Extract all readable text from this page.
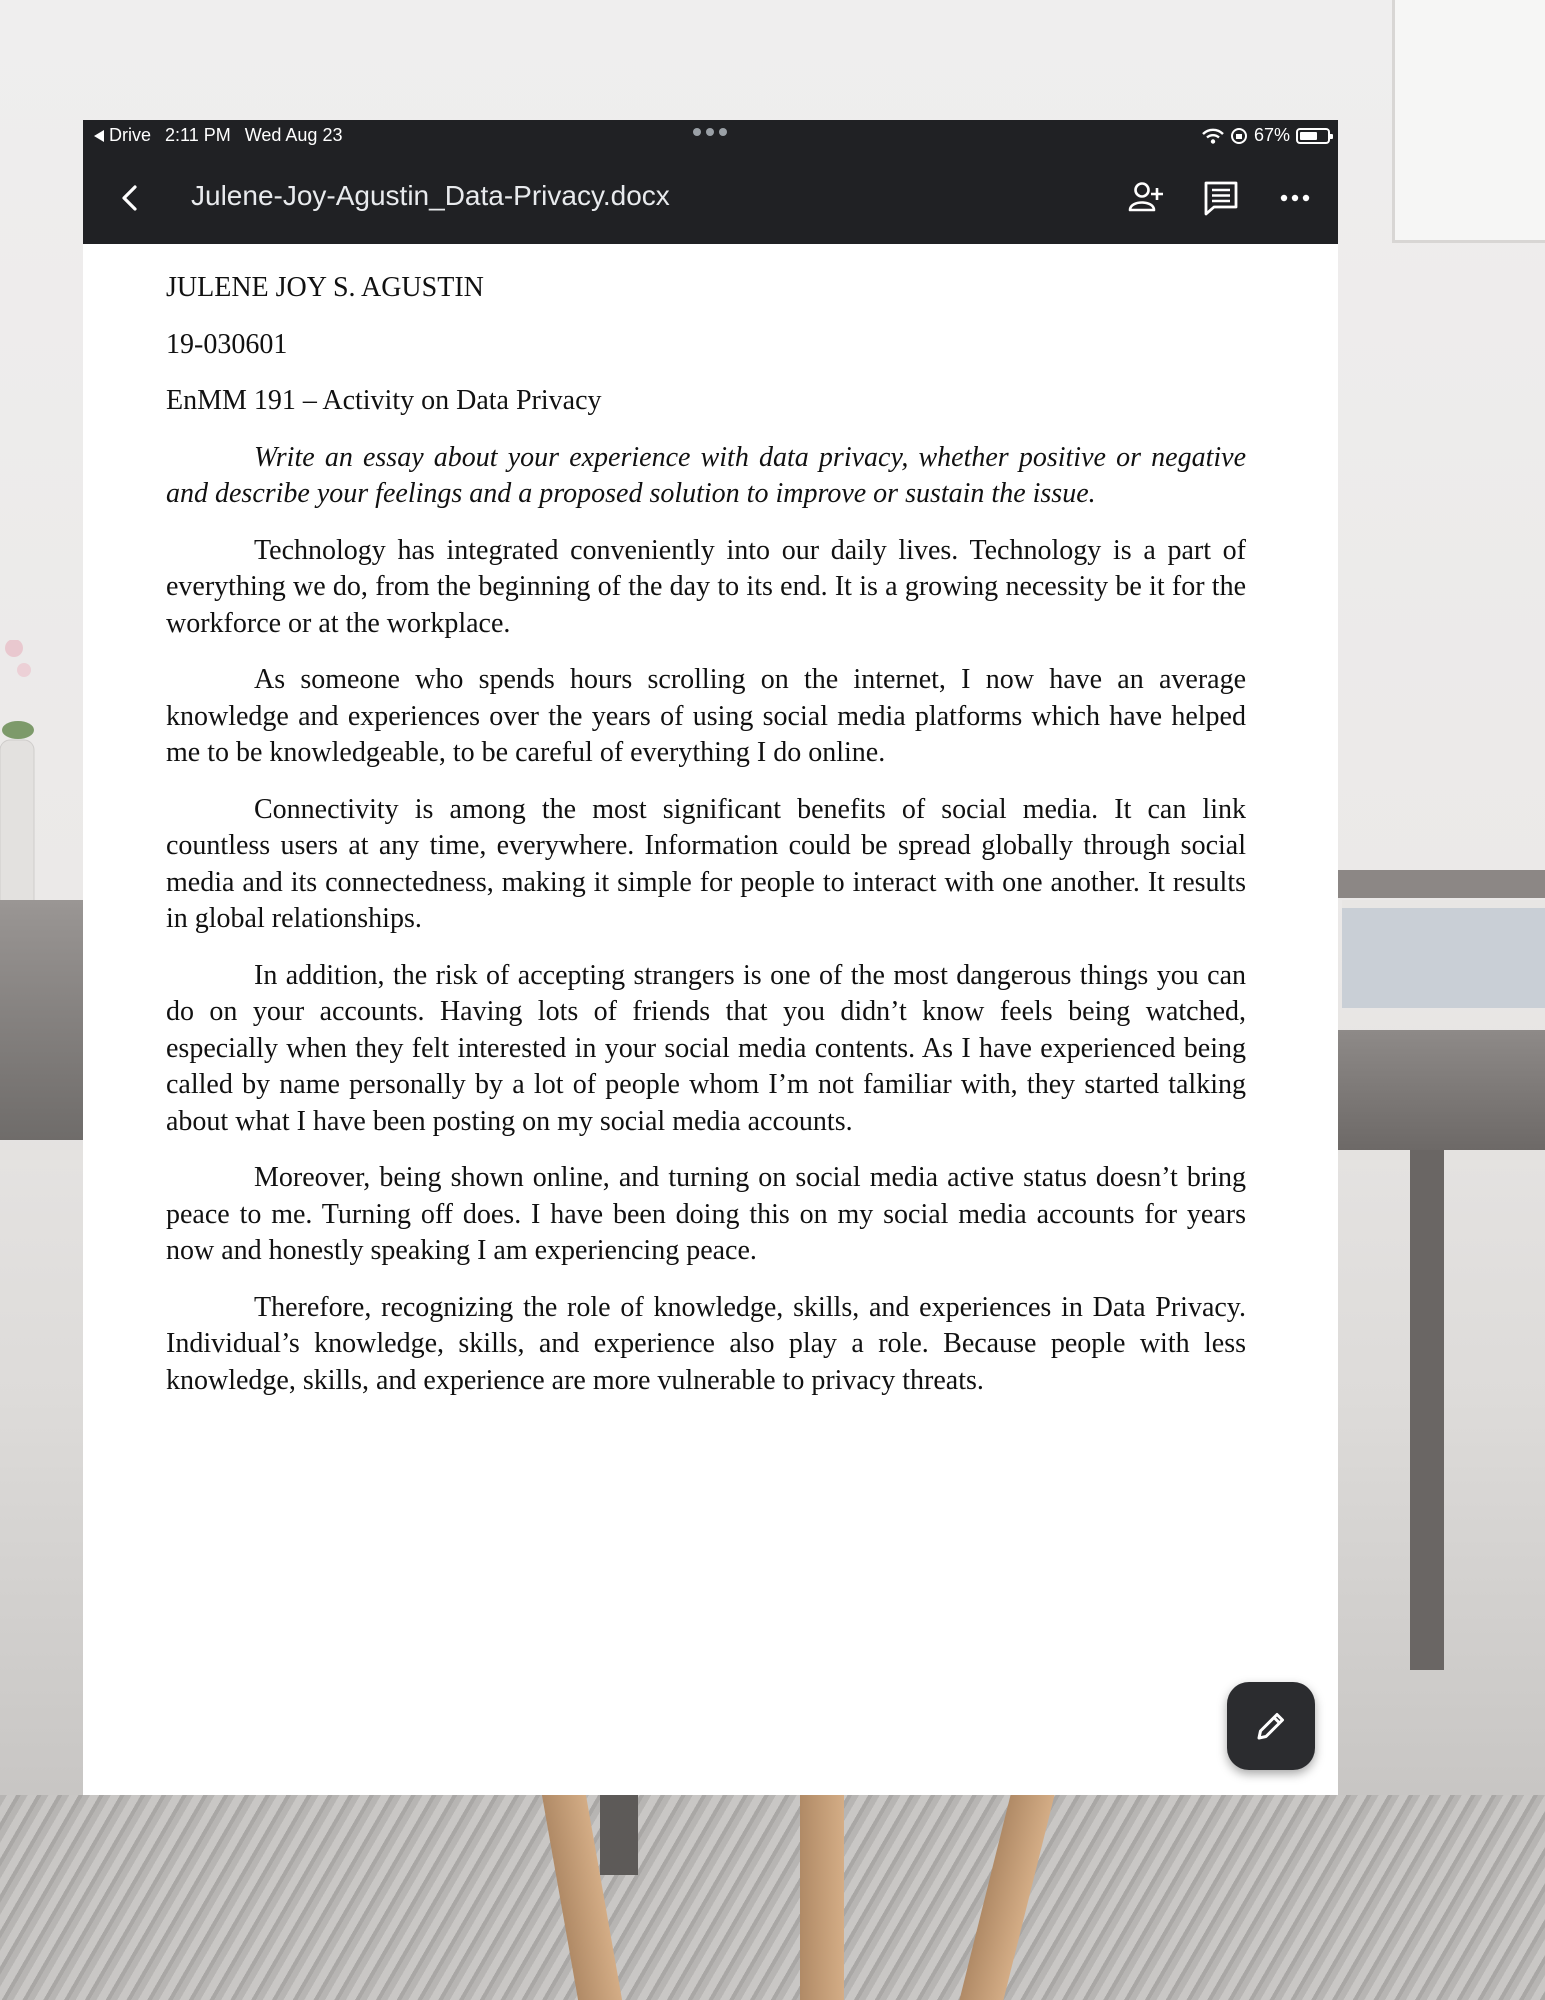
Drive 2:11 PM Wed Aug 23	67%
Julene-Joy-Agustin_Data-Privacy.docx
JULENE JOY S. AGUSTIN
19-030601
EnMM 191 – Activity on Data Privacy

Write an essay about your experience with data privacy, whether positive or negative and describe your feelings and a proposed solution to improve or sustain the issue.

Technology has integrated conveniently into our daily lives. Technology is a part of everything we do, from the beginning of the day to its end. It is a growing necessity be it for the workforce or at the workplace.

As someone who spends hours scrolling on the internet, I now have an average knowledge and experiences over the years of using social media platforms which have helped me to be knowledgeable, to be careful of everything I do online.

Connectivity is among the most significant benefits of social media. It can link countless users at any time, everywhere. Information could be spread globally through social media and its connectedness, making it simple for people to interact with one another. It results in global relationships.

In addition, the risk of accepting strangers is one of the most dangerous things you can do on your accounts. Having lots of friends that you didn’t know feels being watched, especially when they felt interested in your social media contents. As I have experienced being called by name personally by a lot of people whom I’m not familiar with, they started talking about what I have been posting on my social media accounts.

Moreover, being shown online, and turning on social media active status doesn’t bring peace to me. Turning off does. I have been doing this on my social media accounts for years now and honestly speaking I am experiencing peace.

Therefore, recognizing the role of knowledge, skills, and experiences in Data Privacy. Individual’s knowledge, skills, and experience also play a role. Because people with less knowledge, skills, and experience are more vulnerable to privacy threats.
